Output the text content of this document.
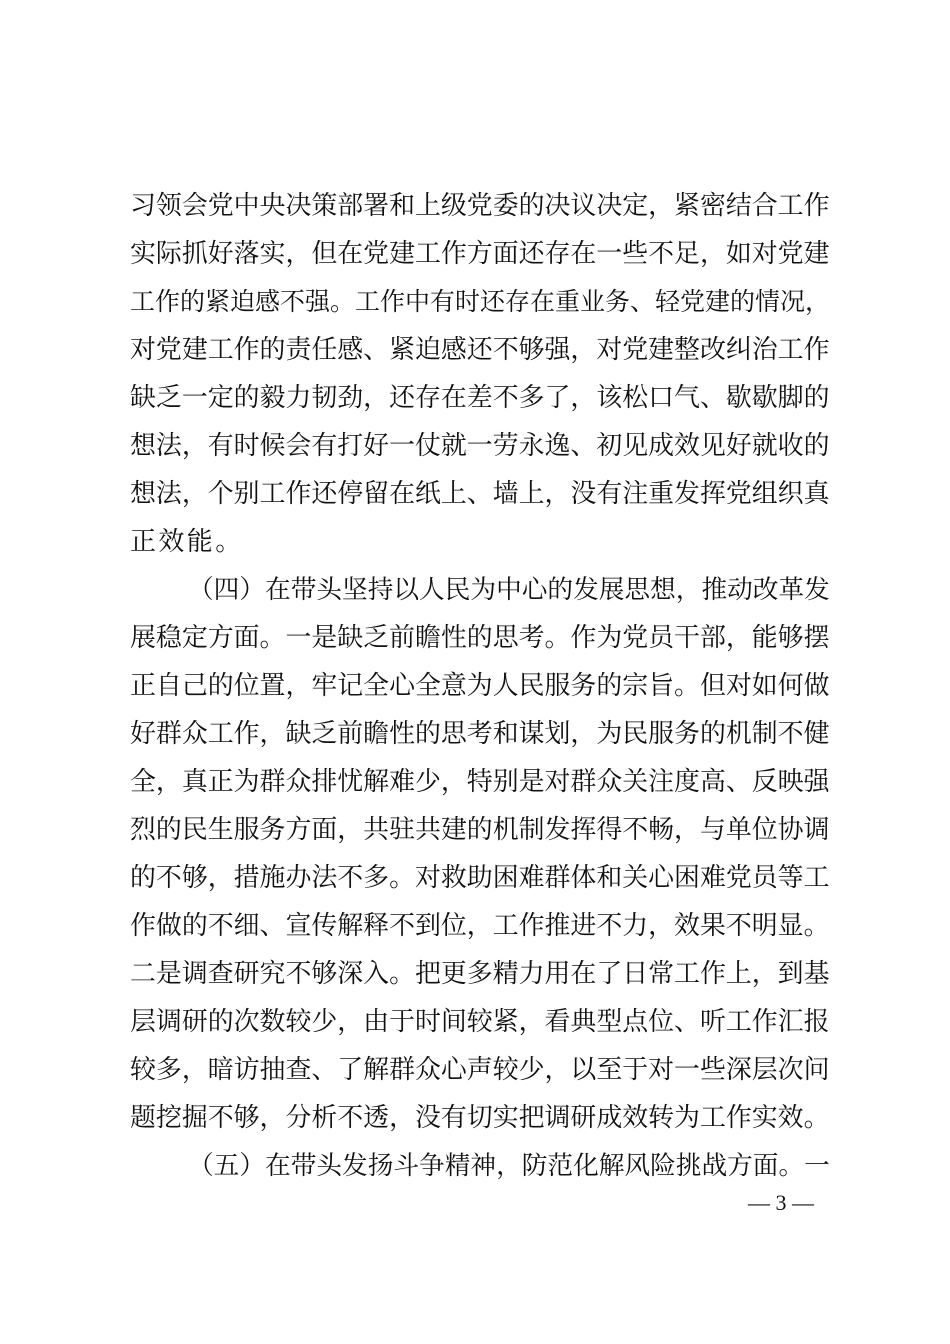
习领会党中央决策部署和上级党委的决议决定，紧密结合工作
实际抓好落实，但在党建工作方面还存在一些不足，如对党建
工作的紧迫感不强。工作中有时还存在重业务、轻党建的情况，
对党建工作的责任感、紧迫感还不够强，对党建整改纠治工作
缺乏一定的毅力韧劲，还存在差不多了，该松口气、歇歇脚的
想法，有时候会有打好一仗就一劳永逸、初见成效见好就收的
想法，个别工作还停留在纸上、墙上，没有注重发挥党组织真
正效能。
（四）在带头坚持以人民为中心的发展思想，推动改革发
展稳定方面。一是缺乏前瞻性的思考。作为党员干部，能够摆
正自己的位置，牢记全心全意为人民服务的宗旨。但对如何做
好群众工作，缺乏前瞻性的思考和谋划，为民服务的机制不健
全，真正为群众排忧解难少，特别是对群众关注度高、反映强
烈的民生服务方面，共驻共建的机制发挥得不畅，与单位协调
的不够，措施办法不多。对救助困难群体和关心困难党员等工
作做的不细、宣传解释不到位，工作推进不力，效果不明显。
二是调查研究不够深入。把更多精力用在了日常工作上，到基
层调研的次数较少，由于时间较紧，看典型点位、听工作汇报
较多，暗访抽查、了解群众心声较少，以至于对一些深层次问
题挖掘不够，分析不透，没有切实把调研成效转为工作实效。
（五）在带头发扬斗争精神，防范化解风险挑战方面。一
— 3 —
